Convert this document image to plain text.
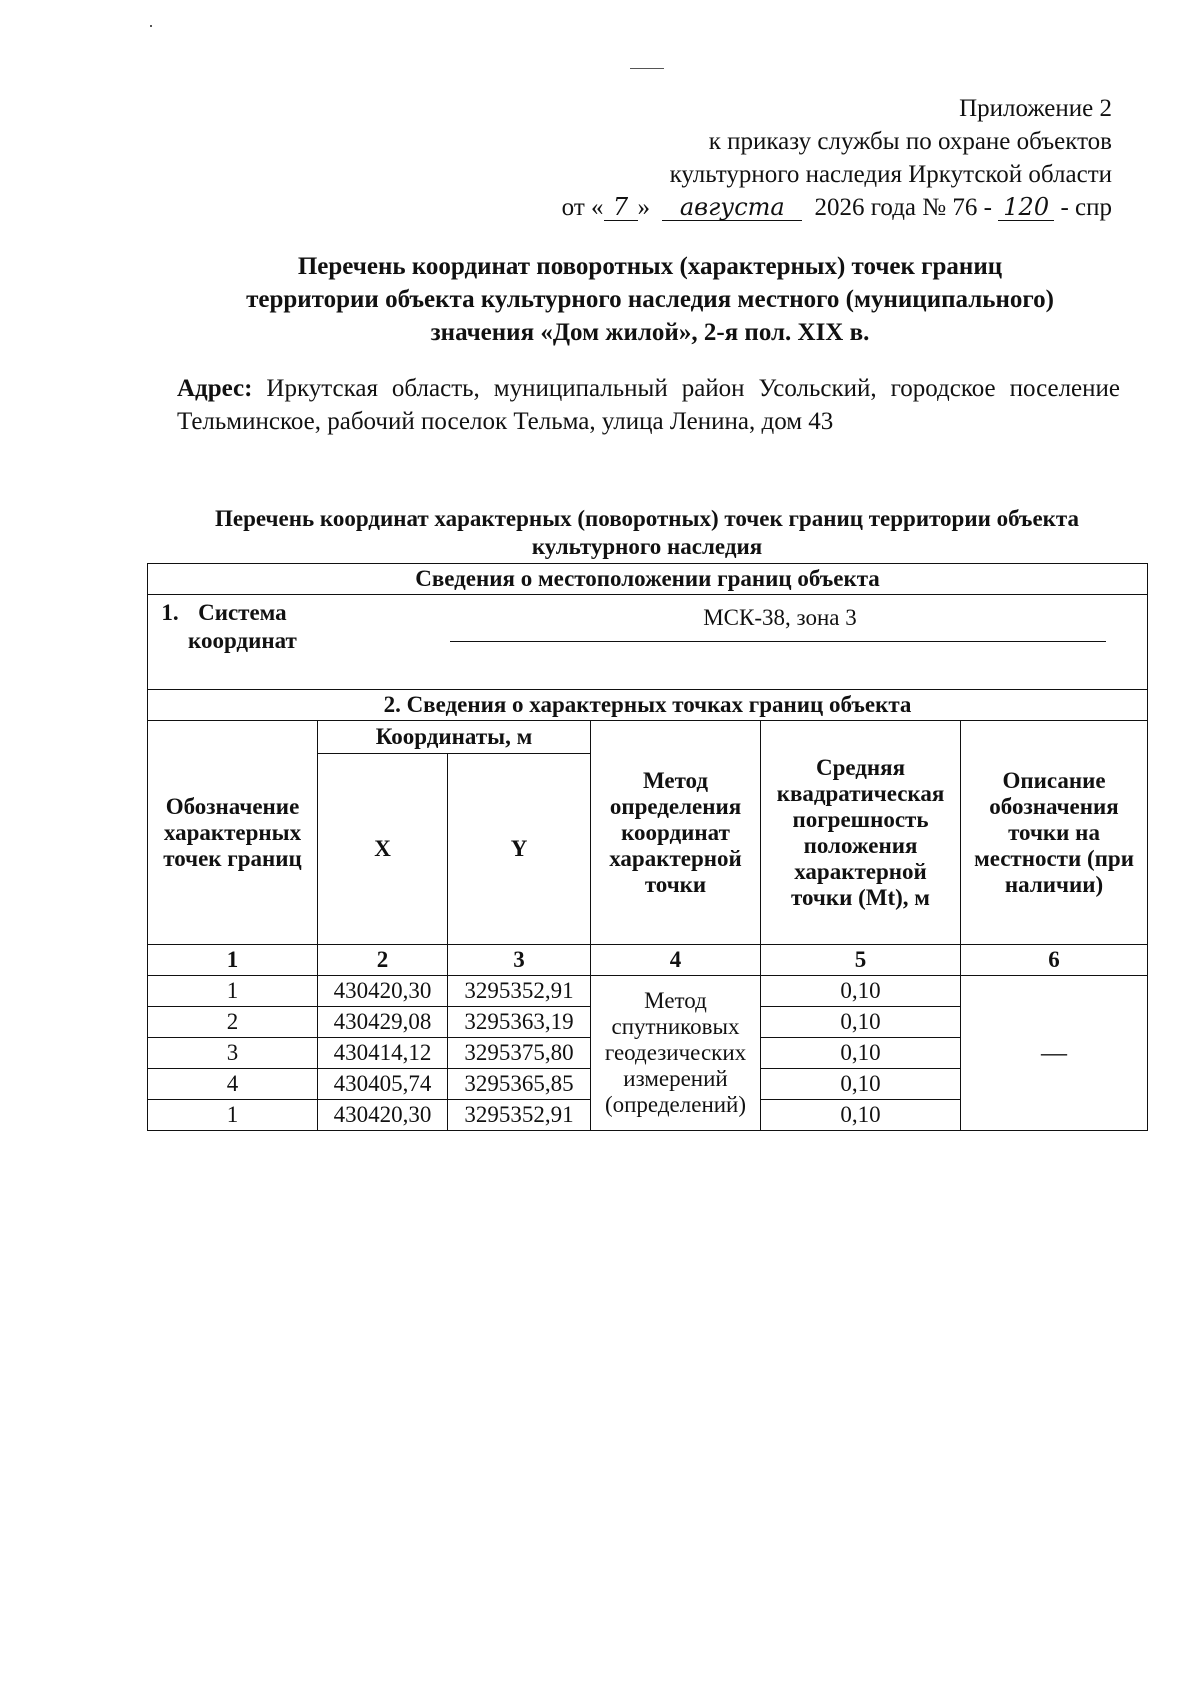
Приложение 2
к приказу службы по охране объектов
культурного наследия Иркутской области
от « 7 » августа 2026 года № 76 - 120 - спр
Перечень координат поворотных (характерных) точек границ
территории объекта культурного наследия местного (муниципального)
значения «Дом жилой», 2-я пол. XIX в.
Адрес: Иркутская область, муниципальный район Усольский, городское поселение Тельминское, рабочий поселок Тельма, улица Ленина, дом 43
Перечень координат характерных (поворотных) точек границ территории объекта
культурного наследия
Сведения о местоположении границ объекта					

1. Система
координат
МСК-38, зона 3					

2. Сведения о характерных точках границ объекта					
Обозначение характерных точек границ	Координаты, м		Метод определения координат характерной точки	Средняя квадратическая погрешность положения характерной точки (Mt), м	Описание обозначения точки на местности (при наличии)
	X	Y			
1	2	3	4	5	6
1	430420,30	3295352,91	Метод спутниковых геодезических измерений (определений)	0,10	—
2	430429,08	3295363,19		0,10	
3	430414,12	3295375,80		0,10	
4	430405,74	3295365,85		0,10	
1	430420,30	3295352,91		0,10	
